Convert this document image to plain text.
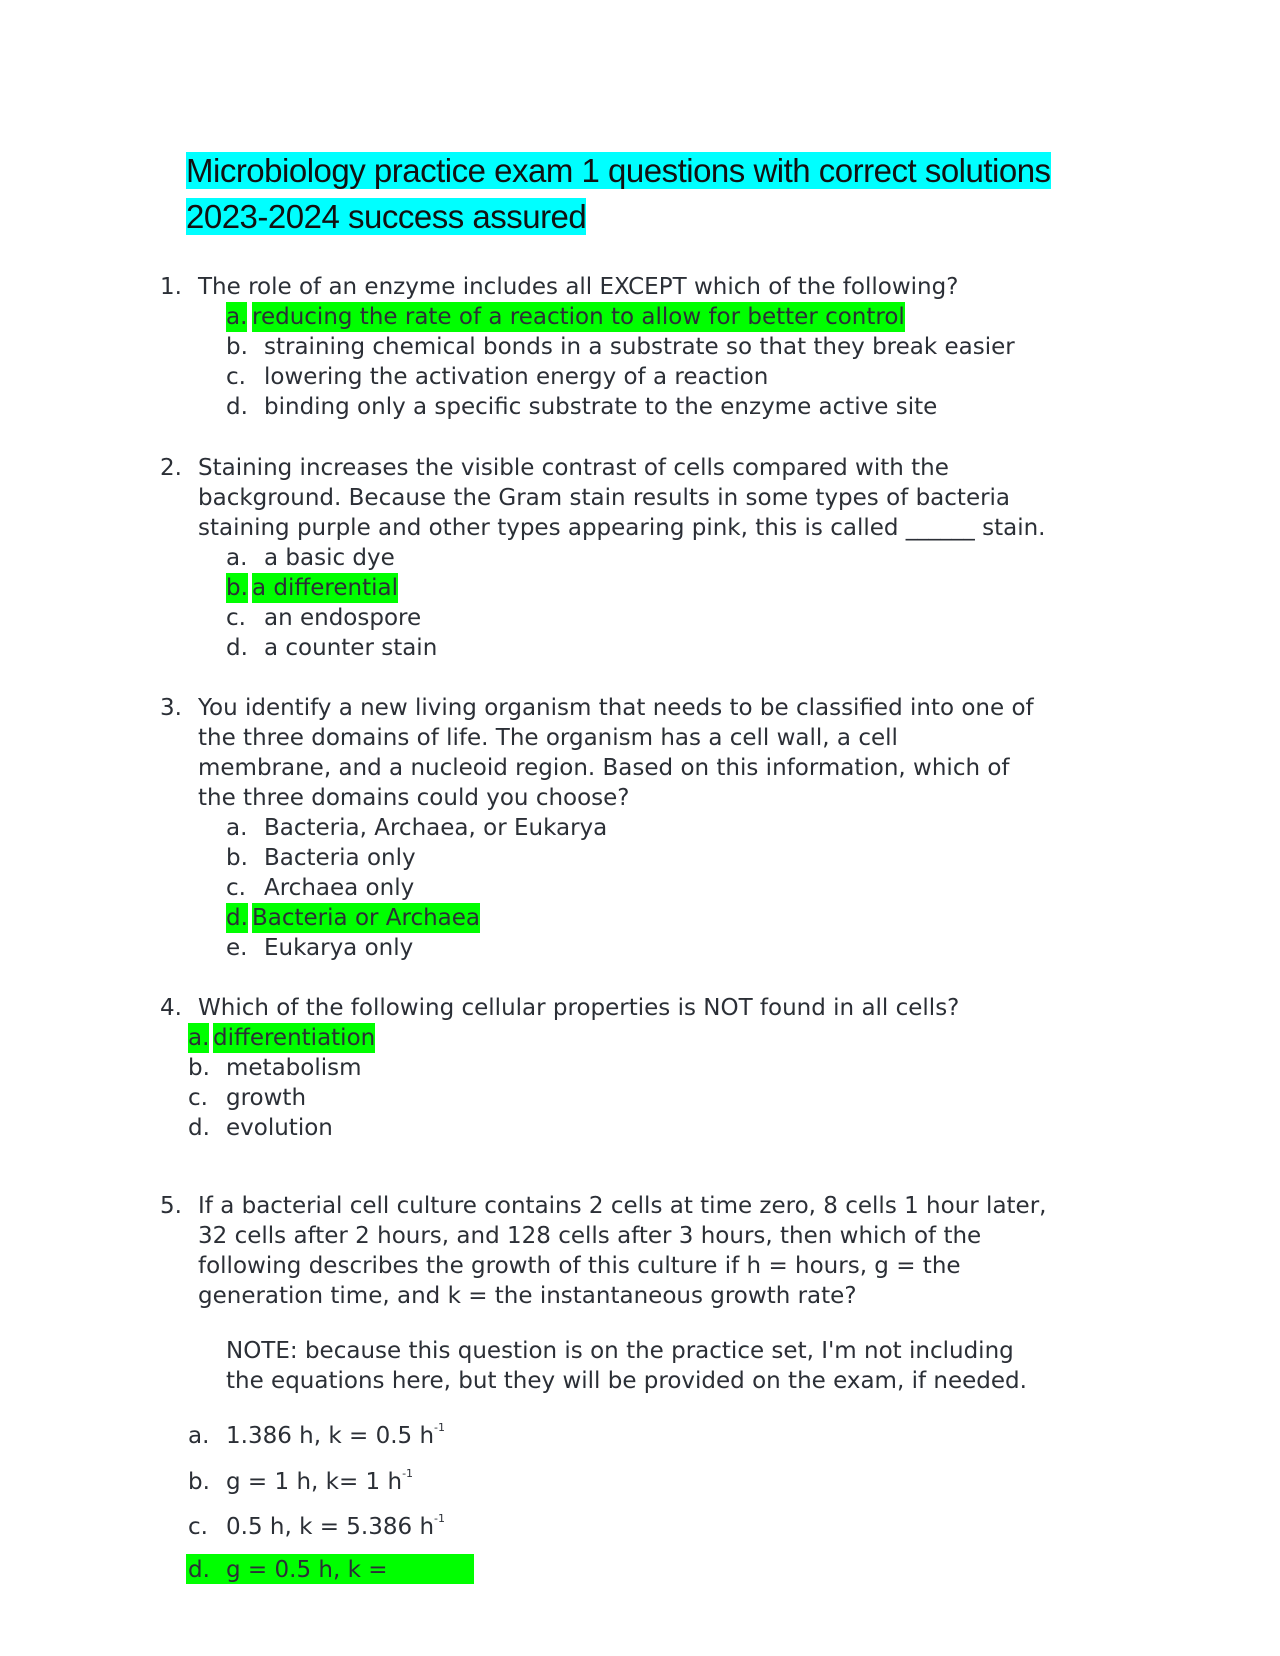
Microbiology practice exam 1 questions with correct solutions
2023-2024 success assured
1. The role of an enzyme includes all EXCEPT which of the following?
a. reducing the rate of a reaction to allow for better control
b. straining chemical bonds in a substrate so that they break easier
c. lowering the activation energy of a reaction
d. binding only a specific substrate to the enzyme active site
2. Staining increases the visible contrast of cells compared with the
background. Because the Gram stain results in some types of bacteria
staining purple and other types appearing pink, this is called ______ stain.
a. a basic dye
b. a differential
c. an endospore
d. a counter stain
3. You identify a new living organism that needs to be classified into one of
the three domains of life. The organism has a cell wall, a cell
membrane, and a nucleoid region. Based on this information, which of
the three domains could you choose?
a. Bacteria, Archaea, or Eukarya
b. Bacteria only
c. Archaea only
d. Bacteria or Archaea
e. Eukarya only
4. Which of the following cellular properties is NOT found in all cells?
a. differentiation
b. metabolism
c. growth
d. evolution
5. If a bacterial cell culture contains 2 cells at time zero, 8 cells 1 hour later,
32 cells after 2 hours, and 128 cells after 3 hours, then which of the
following describes the growth of this culture if h = hours, g = the
generation time, and k = the instantaneous growth rate?
NOTE: because this question is on the practice set, I'm not including
the equations here, but they will be provided on the exam, if needed.
a. 1.386 h, k = 0.5 $h^{-1}$
b. g = 1 h, k= 1 $h^{-1}$
c. 0.5 h, k = 5.386 $h^{-1}$
d. g = 0.5 h, k =
